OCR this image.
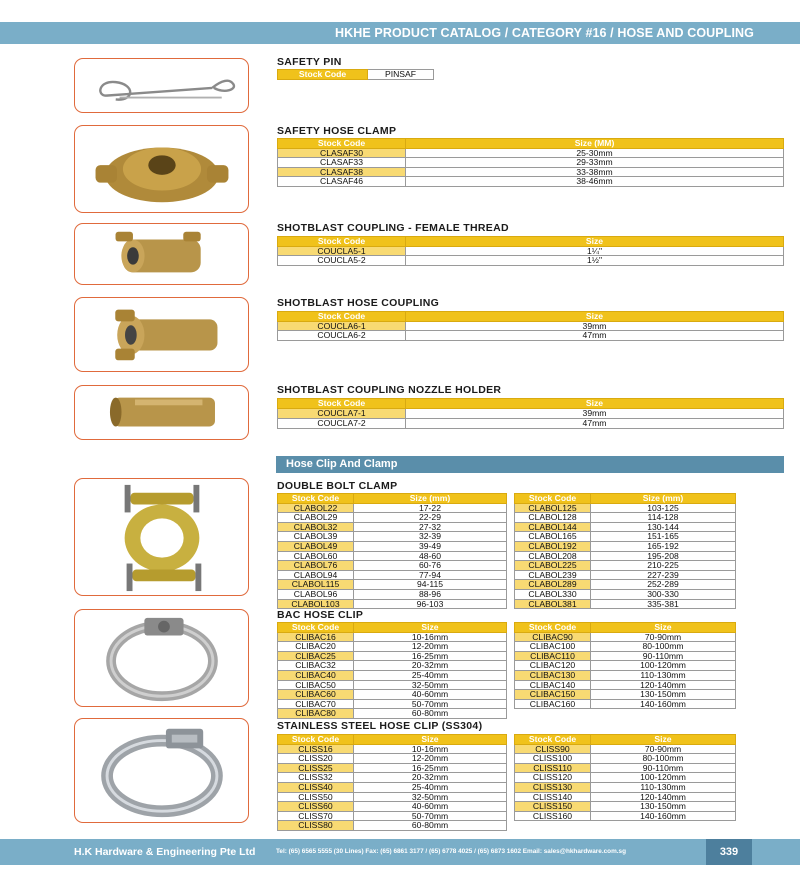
HKHE PRODUCT CATALOG / CATEGORY #16 / HOSE AND COUPLING
SAFETY PIN
Stock Code	PINSAF
SAFETY HOSE CLAMP
Stock Code	Size (MM)
CLASAF30	25-30mm
CLASAF33	29-33mm
CLASAF38	33-38mm
CLASAF46	38-46mm
SHOTBLAST COUPLING - FEMALE THREAD
Stock Code	Size
COUCLA5-1	1¼"
COUCLA5-2	1½"
SHOTBLAST HOSE COUPLING
Stock Code	Size
COUCLA6-1	39mm
COUCLA6-2	47mm
SHOTBLAST COUPLING NOZZLE HOLDER
Stock Code	Size
COUCLA7-1	39mm
COUCLA7-2	47mm
Hose Clip And Clamp
DOUBLE BOLT CLAMP
Stock Code	Size (mm)
CLABOL22	17-22
CLABOL29	22-29
CLABOL32	27-32
CLABOL39	32-39
CLABOL49	39-49
CLABOL60	48-60
CLABOL76	60-76
CLABOL94	77-94
CLABOL115	94-115
CLABOL96	88-96
CLABOL103	96-103
Stock Code	Size (mm)
CLABOL125	103-125
CLABOL128	114-128
CLABOL144	130-144
CLABOL165	151-165
CLABOL192	165-192
CLABOL208	195-208
CLABOL225	210-225
CLABOL239	227-239
CLABOL289	252-289
CLABOL330	300-330
CLABOL381	335-381
BAC HOSE CLIP
Stock Code	Size
CLIBAC16	10-16mm
CLIBAC20	12-20mm
CLIBAC25	16-25mm
CLIBAC32	20-32mm
CLIBAC40	25-40mm
CLIBAC50	32-50mm
CLIBAC60	40-60mm
CLIBAC70	50-70mm
CLIBAC80	60-80mm
Stock Code	Size
CLIBAC90	70-90mm
CLIBAC100	80-100mm
CLIBAC110	90-110mm
CLIBAC120	100-120mm
CLIBAC130	110-130mm
CLIBAC140	120-140mm
CLIBAC150	130-150mm
CLIBAC160	140-160mm
STAINLESS STEEL HOSE CLIP (SS304)
Stock Code	Size
CLISS16	10-16mm
CLISS20	12-20mm
CLISS25	16-25mm
CLISS32	20-32mm
CLISS40	25-40mm
CLISS50	32-50mm
CLISS60	40-60mm
CLISS70	50-70mm
CLISS80	60-80mm
Stock Code	Size
CLISS90	70-90mm
CLISS100	80-100mm
CLISS110	90-110mm
CLISS120	100-120mm
CLISS130	110-130mm
CLISS140	120-140mm
CLISS150	130-150mm
CLISS160	140-160mm
H.K Hardware & Engineering Pte Ltd	Tel: (65) 6565 5555 (30 Lines) Fax: (65) 6861 3177 / (65) 6778 4025 / (65) 6873 1602 Email: sales@hkhardware.com.sg	339
